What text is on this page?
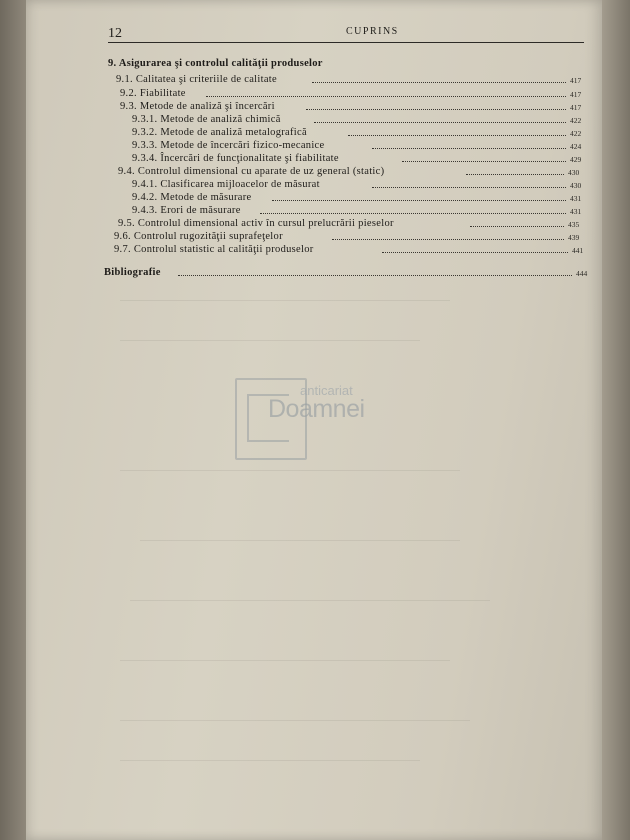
12	CUPRINS
9. Asigurarea şi controlul calităţii produselor
9.1. Calitatea şi criteriile de calitate	417
9.2. Fiabilitate	417
9.3. Metode de analiză şi încercări	417
9.3.1. Metode de analiză chimică	422
9.3.2. Metode de analiză metalografică	422
9.3.3. Metode de încercări fizico-mecanice	424
9.3.4. Încercări de funcţionalitate şi fiabilitate	429
9.4. Controlul dimensional cu aparate de uz general (static)	430
9.4.1. Clasificarea mijloacelor de măsurat	430
9.4.2. Metode de măsurare	431
9.4.3. Erori de măsurare	431
9.5. Controlul dimensional activ în cursul prelucrării pieselor	435
9.6. Controlul rugozităţii suprafeţelor	439
9.7. Controlul statistic al calităţii produselor	441
Bibliografie	444
anticariat
Doamnei
